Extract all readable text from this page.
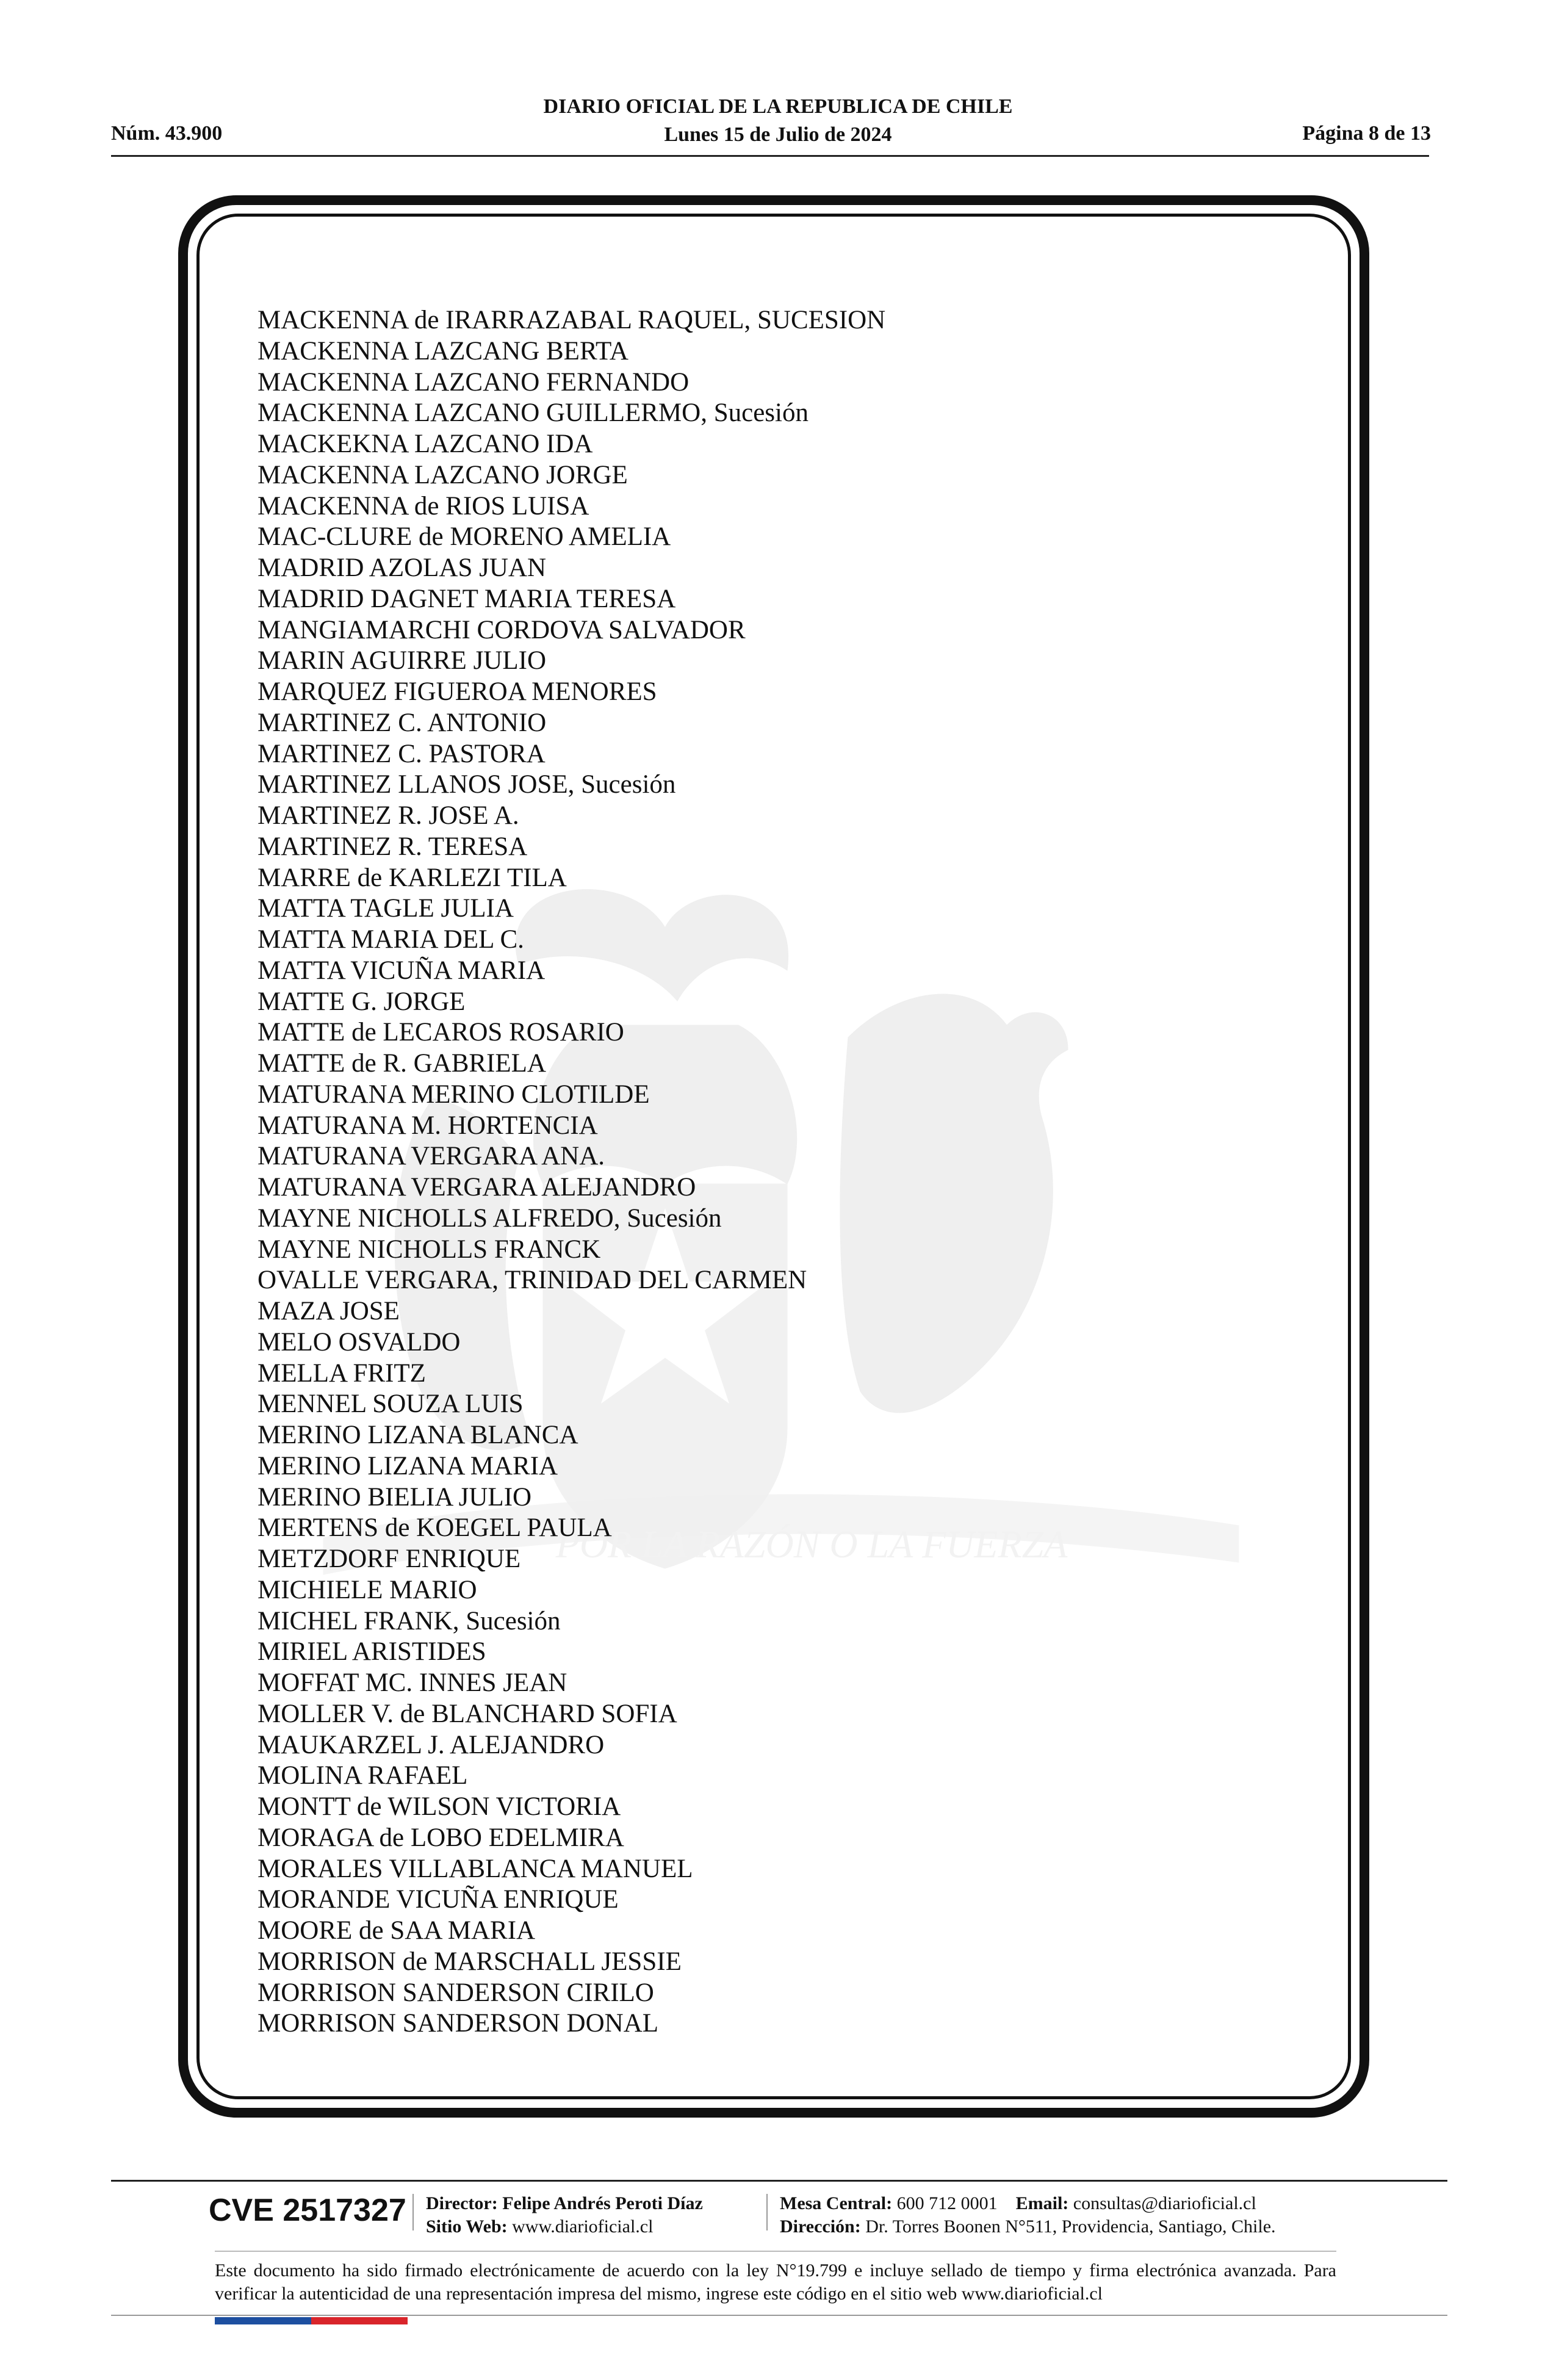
DIARIO OFICIAL DE LA REPUBLICA DE CHILE
Lunes 15 de Julio de 2024
Núm. 43.900	Página 8 de 13
POR LA RAZÓN O LA FUERZA
MACKENNA de IRARRAZABAL RAQUEL, SUCESION
MACKENNA LAZCANG BERTA
MACKENNA LAZCANO FERNANDO
MACKENNA LAZCANO GUILLERMO, Sucesión
MACKEKNA LAZCANO IDA
MACKENNA LAZCANO JORGE
MACKENNA de RIOS LUISA
MAC-CLURE de MORENO AMELIA
MADRID AZOLAS JUAN
MADRID DAGNET MARIA TERESA
MANGIAMARCHI CORDOVA SALVADOR
MARIN AGUIRRE JULIO
MARQUEZ FIGUEROA MENORES
MARTINEZ C. ANTONIO
MARTINEZ C. PASTORA
MARTINEZ LLANOS JOSE, Sucesión
MARTINEZ R. JOSE A.
MARTINEZ R. TERESA
MARRE de KARLEZI TILA
MATTA TAGLE JULIA
MATTA MARIA DEL C.
MATTA VICUÑA MARIA
MATTE G. JORGE
MATTE de LECAROS ROSARIO
MATTE de R. GABRIELA
MATURANA MERINO CLOTILDE
MATURANA M. HORTENCIA
MATURANA VERGARA ANA.
MATURANA VERGARA ALEJANDRO
MAYNE NICHOLLS ALFREDO, Sucesión
MAYNE NICHOLLS FRANCK
OVALLE VERGARA, TRINIDAD DEL CARMEN
MAZA JOSE
MELO OSVALDO
MELLA FRITZ
MENNEL SOUZA LUIS
MERINO LIZANA BLANCA
MERINO LIZANA MARIA
MERINO BIELIA JULIO
MERTENS de KOEGEL PAULA
METZDORF ENRIQUE
MICHIELE MARIO
MICHEL FRANK, Sucesión
MIRIEL ARISTIDES
MOFFAT MC. INNES JEAN
MOLLER V. de BLANCHARD SOFIA
MAUKARZEL J. ALEJANDRO
MOLINA RAFAEL
MONTT de WILSON VICTORIA
MORAGA de LOBO EDELMIRA
MORALES VILLABLANCA MANUEL
MORANDE VICUÑA ENRIQUE
MOORE de SAA MARIA
MORRISON de MARSCHALL JESSIE
MORRISON SANDERSON CIRILO
MORRISON SANDERSON DONAL
CVE 2517327 Director: Felipe Andrés Peroti Díaz
Sitio Web: www.diarioficial.cl
Mesa Central: 600 712 0001 Email: consultas@diarioficial.cl
Dirección: Dr. Torres Boonen N°511, Providencia, Santiago, Chile.
Este documento ha sido firmado electrónicamente de acuerdo con la ley N°19.799 e incluye sellado de tiempo y firma electrónica avanzada. Para verificar la autenticidad de una representación impresa del mismo, ingrese este código en el sitio web www.diarioficial.cl
